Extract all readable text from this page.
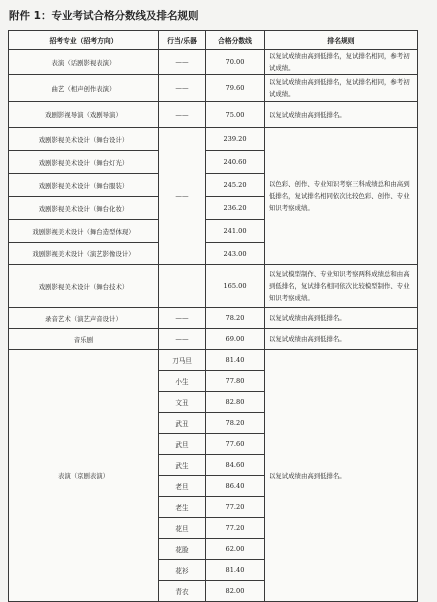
附件 1：专业考试合格分数线及排名规则
招考专业（招考方向）	行当/乐器	合格分数线	排名规则
表演（话剧影视表演）	——	70.00	以复试成绩由高到低排名，复试排名相同，参考初试成绩。
曲艺（相声创作表演）	——	79.60	以复试成绩由高到低排名，复试排名相同，参考初试成绩。
戏剧影视导演（戏剧导演）	——	75.00	以复试成绩由高到低排名。
戏剧影视美术设计（舞台设计）	——	239.20	以色彩、创作、专业知识考察三科成绩总和由高到低排名，复试排名相同依次比较色彩、创作、专业知识考察成绩。
戏剧影视美术设计（舞台灯光）		240.60	
戏剧影视美术设计（舞台服装）		245.20	
戏剧影视美术设计（舞台化妆）		236.20	
戏剧影视美术设计（舞台造型体现）		241.00	
戏剧影视美术设计（演艺影像设计）		243.00	
戏剧影视美术设计（舞台技术）		165.00	以复试模型制作、专业知识考察两科成绩总和由高到低排名，复试排名相同依次比较模型制作、专业知识考察成绩。
录音艺术（演艺声音设计）	——	78.20	以复试成绩由高到低排名。
音乐剧	——	69.00	以复试成绩由高到低排名。
表演（京剧表演）	刀马旦	81.40	以复试成绩由高到低排名。
	小生	77.80	
	文丑	82.80	
	武丑	78.20	
	武旦	77.60	
	武生	84.60	
	老旦	86.40	
	老生	77.20	
	花旦	77.20	
	花脸	62.00	
	花衫	81.40	
	青衣	82.00	
